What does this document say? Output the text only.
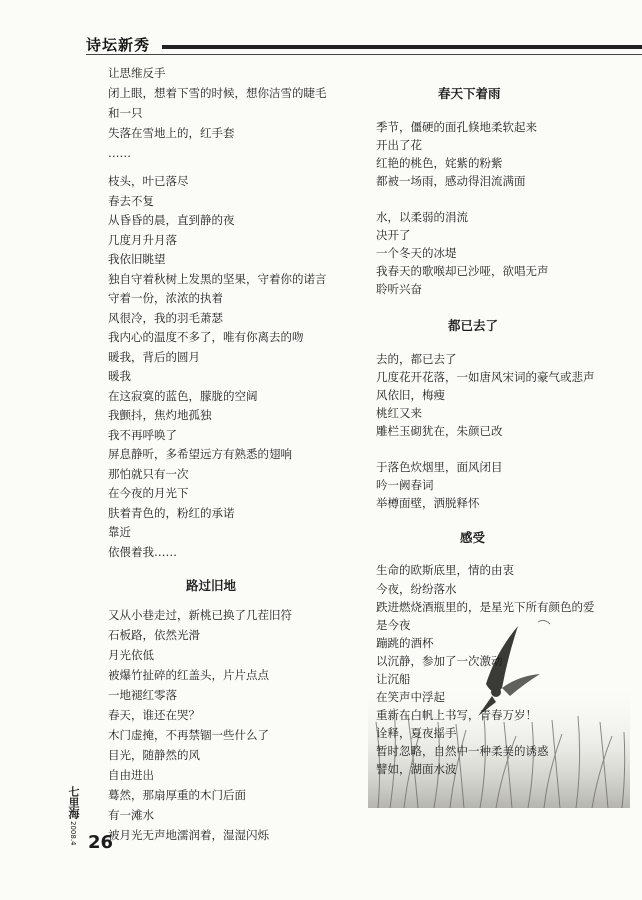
诗坛新秀
让思维反手
闭上眼，想着下雪的时候，想你洁雪的睫毛
和一只
失落在雪地上的，红手套
……
枝头，叶已落尽
春去不复
从昏昏的晨，直到静的夜
几度月升月落
我依旧眺望
独自守着秋树上发黑的坚果，守着你的诺言
守着一份，浓浓的执着
风很冷，我的羽毛萧瑟
我内心的温度不多了，唯有你离去的吻
暖我，背后的圆月
暖我
在这寂寞的蓝色，朦胧的空阔
我颤抖，焦灼地孤独
我不再呼唤了
屏息静听，多希望远方有熟悉的翅响
那怕就只有一次
在今夜的月光下
肤着青色的，粉红的承诺
靠近
依偎着我……
路过旧地
又从小巷走过，新桃已换了几茬旧符
石板路，依然光滑
月光依低
被爆竹扯碎的红盖头，片片点点
一地褪红零落
春天，谁还在哭？
木门虚掩，不再禁锢一些什么了
目光，随静然的风
自由进出
蓦然，那扇厚重的木门后面
有一滩水
被月光无声地濡润着，湿湿闪烁
春天下着雨
季节，僵硬的面孔倏地柔软起来
开出了花
红艳的桃色，姹紫的粉紫
都被一场雨，感动得泪流满面
水，以柔弱的涓流
决开了
一个冬天的冰堤
我春天的歌喉却已沙哑，欲唱无声
聆听兴奋
都已去了
去的，都已去了
几度花开花落，一如唐风宋词的豪气或悲声
风依旧，梅瘦
桃红又来
雕栏玉砌犹在，朱颜已改
于落色炊烟里，面风闭目
吟一阙春词
举樽面壁，洒脱释怀
感受
生命的欧斯底里，情的由衷
今夜，纷纷落水
跌进燃烧酒瓶里的，是星光下所有颜色的爱
是今夜
蹦跳的酒杯
以沉静，参加了一次激动
让沉船
在笑声中浮起
重新在白帆上书写，青春万岁！
诠释，夏夜摇手
暂时忽略，自然中一种柔美的诱惑
譬如，湖面水波
七里海
2008.4 26
